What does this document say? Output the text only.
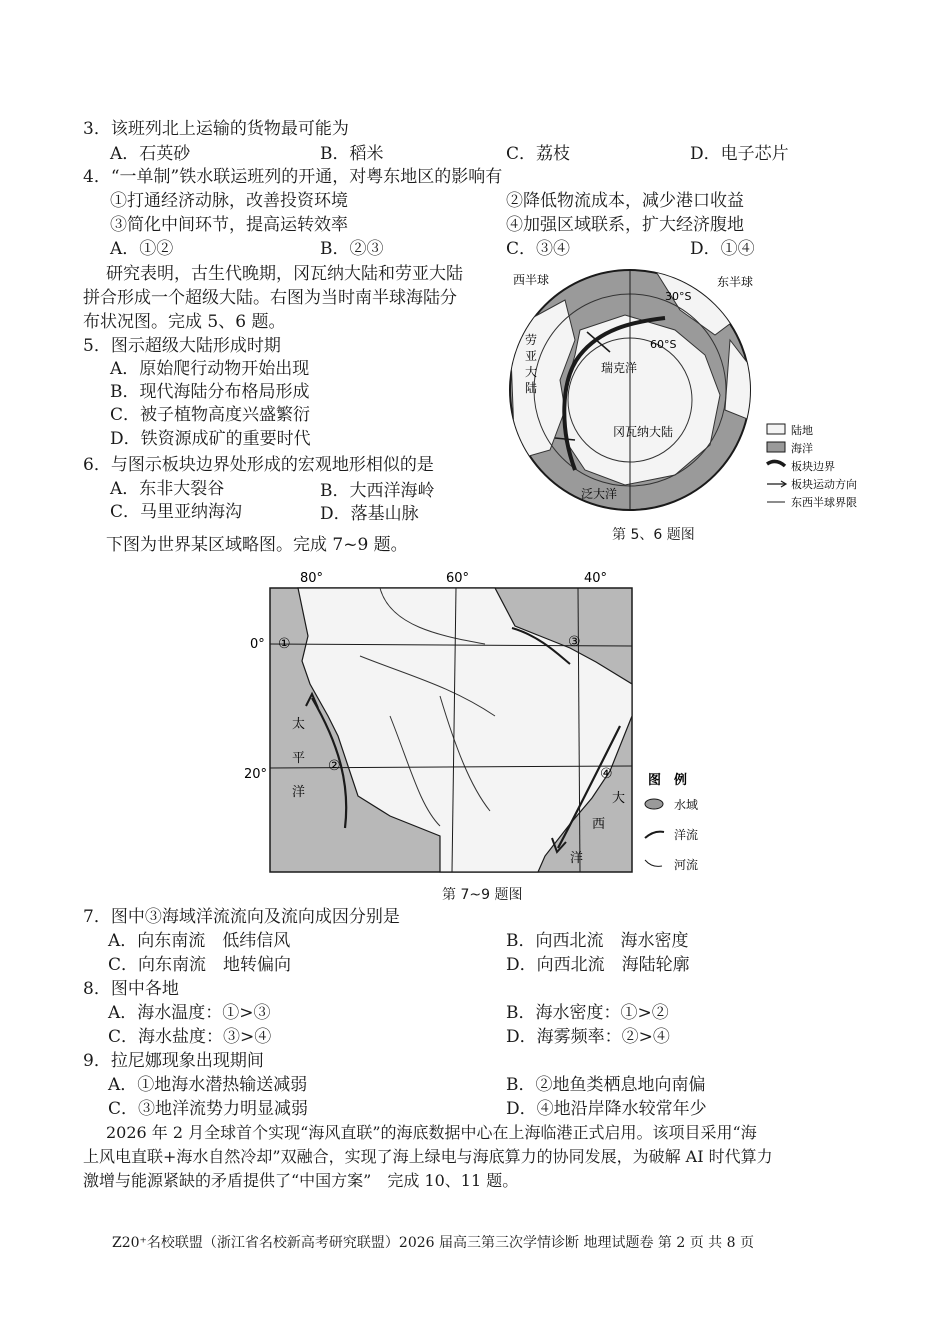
3．该班列北上运输的货物最可能为
A．石英砂	B．稻米	C．荔枝	D．电子芯片
4．“一单制”铁水联运班列的开通，对粤东地区的影响有
①打通经济动脉，改善投资环境	②降低物流成本，减少港口收益
③简化中间环节，提高运转效率	④加强区域联系，扩大经济腹地
A．①②	B．②③	C．③④	D．①④
研究表明，古生代晚期，冈瓦纳大陆和劳亚大陆
拼合形成一个超级大陆。右图为当时南半球海陆分
布状况图。完成 5、6 题。
5．图示超级大陆形成时期
A．原始爬行动物开始出现
B．现代海陆分布格局形成
C．被子植物高度兴盛繁衍
D．铁资源成矿的重要时代
6．与图示板块边界处形成的宏观地形相似的是
A．东非大裂谷	B．大西洋海岭
C．马里亚纳海沟	D．落基山脉
下图为世界某区域略图。完成 7~9 题。
西半球	东半球
30°S
60°S
劳
亚
大
陆
瑞克洋
冈瓦纳大陆
泛大洋
陆地
海洋
板块边界
板块运动方向
东西半球界限
第 5、6 题图
80°	60°	40°
0°
20°
①
②
③
④
太
平
洋	大
西
洋
图　例
水域
洋流
河流
第 7~9 题图
7．图中③海域洋流流向及流向成因分别是
A．向东南流　低纬信风	B．向西北流　海水密度
C．向东南流　地转偏向	D．向西北流　海陆轮廓
8．图中各地
A．海水温度：①>③	B．海水密度：①>②
C．海水盐度：③>④	D．海雾频率：②>④
9．拉尼娜现象出现期间
A．①地海水潜热输送减弱	B．②地鱼类栖息地向南偏
C．③地洋流势力明显减弱	D．④地沿岸降水较常年少
2026 年 2 月全球首个实现“海风直联”的海底数据中心在上海临港正式启用。该项目采用“海
上风电直联+海水自然冷却”双融合，实现了海上绿电与海底算力的协同发展，为破解 AI 时代算力
激增与能源紧缺的矛盾提供了“中国方案”　完成 10、11 题。
Z20⁺名校联盟（浙江省名校新高考研究联盟）2026 届高三第三次学情诊断 地理试题卷 第 2 页 共 8 页
